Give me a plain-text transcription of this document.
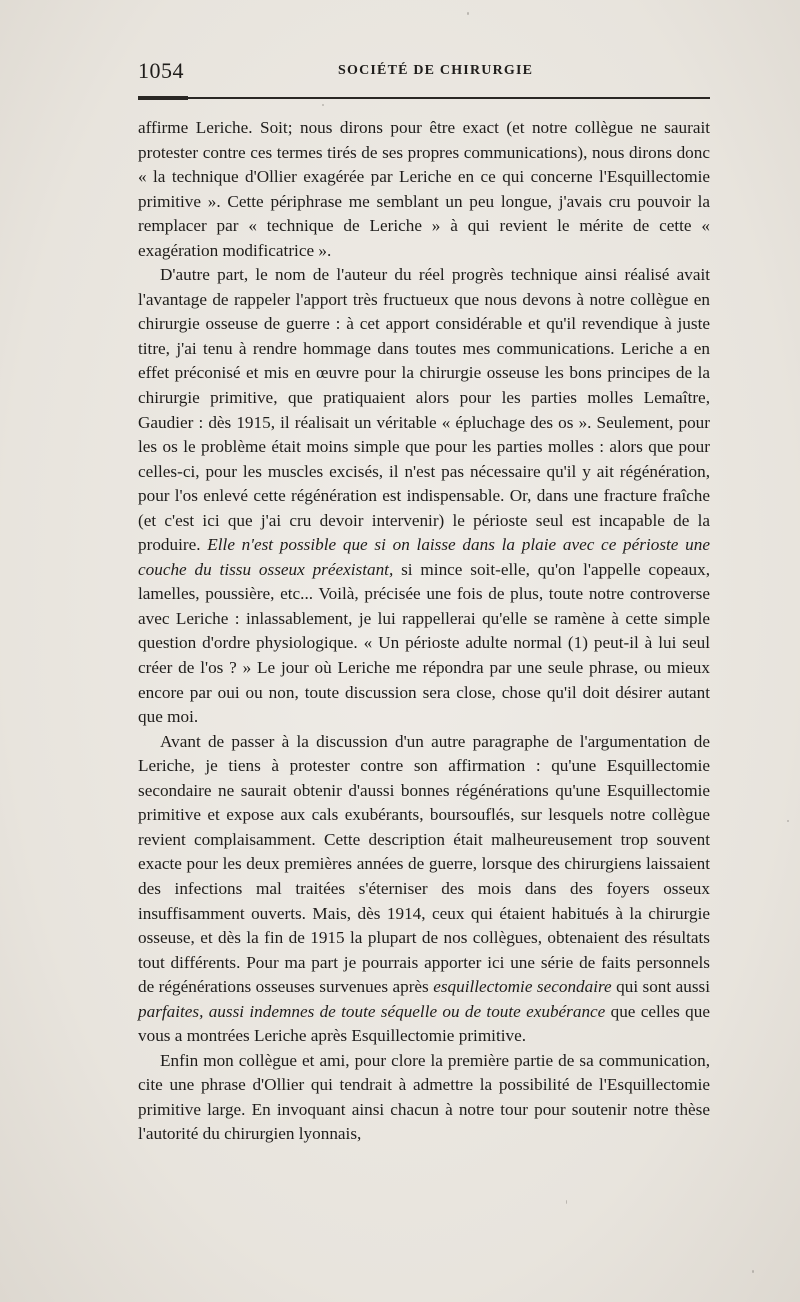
1054	SOCIÉTÉ DE CHIRURGIE

affirme Leriche. Soit; nous dirons pour être exact (et notre collègue ne saurait protester contre ces termes tirés de ses propres communications), nous dirons donc « la technique d'Ollier exagérée par Leriche en ce qui concerne l'Esquillectomie primitive ». Cette périphrase me semblant un peu longue, j'avais cru pouvoir la remplacer par « technique de Leriche » à qui revient le mérite de cette « exagération modificatrice ».

D'autre part, le nom de l'auteur du réel progrès technique ainsi réalisé avait l'avantage de rappeler l'apport très fructueux que nous devons à notre collègue en chirurgie osseuse de guerre : à cet apport considérable et qu'il revendique à juste titre, j'ai tenu à rendre hommage dans toutes mes communications. Leriche a en effet préconisé et mis en œuvre pour la chirurgie osseuse les bons principes de la chirurgie primitive, que pratiquaient alors pour les parties molles Lemaître, Gaudier : dès 1915, il réalisait un véritable « épluchage des os ». Seulement, pour les os le problème était moins simple que pour les parties molles : alors que pour celles-ci, pour les muscles excisés, il n'est pas nécessaire qu'il y ait régénération, pour l'os enlevé cette régénération est indispensable. Or, dans une fracture fraîche (et c'est ici que j'ai cru devoir intervenir) le périoste seul est incapable de la produire. Elle n'est possible que si on laisse dans la plaie avec ce périoste une couche du tissu osseux préexistant, si mince soit-elle, qu'on l'appelle copeaux, lamelles, poussière, etc... Voilà, précisée une fois de plus, toute notre controverse avec Leriche : inlassablement, je lui rappellerai qu'elle se ramène à cette simple question d'ordre physiologique. « Un périoste adulte normal (1) peut-il à lui seul créer de l'os ? » Le jour où Leriche me répondra par une seule phrase, ou mieux encore par oui ou non, toute discussion sera close, chose qu'il doit désirer autant que moi.

Avant de passer à la discussion d'un autre paragraphe de l'argumentation de Leriche, je tiens à protester contre son affirmation : qu'une Esquillectomie secondaire ne saurait obtenir d'aussi bonnes régénérations qu'une Esquillectomie primitive et expose aux cals exubérants, boursouflés, sur lesquels notre collègue revient complaisamment. Cette description était malheureusement trop souvent exacte pour les deux premières années de guerre, lorsque des chirurgiens laissaient des infections mal traitées s'éterniser des mois dans des foyers osseux insuffisamment ouverts. Mais, dès 1914, ceux qui étaient habitués à la chirurgie osseuse, et dès la fin de 1915 la plupart de nos collègues, obtenaient des résultats tout différents. Pour ma part je pourrais apporter ici une série de faits personnels de régénérations osseuses survenues après esquillectomie secondaire qui sont aussi parfaites, aussi indemnes de toute séquelle ou de toute exubérance que celles que vous a montrées Leriche après Esquillectomie primitive.

Enfin mon collègue et ami, pour clore la première partie de sa communication, cite une phrase d'Ollier qui tendrait à admettre la possibilité de l'Esquillectomie primitive large. En invoquant ainsi chacun à notre tour pour soutenir notre thèse l'autorité du chirurgien lyonnais,
